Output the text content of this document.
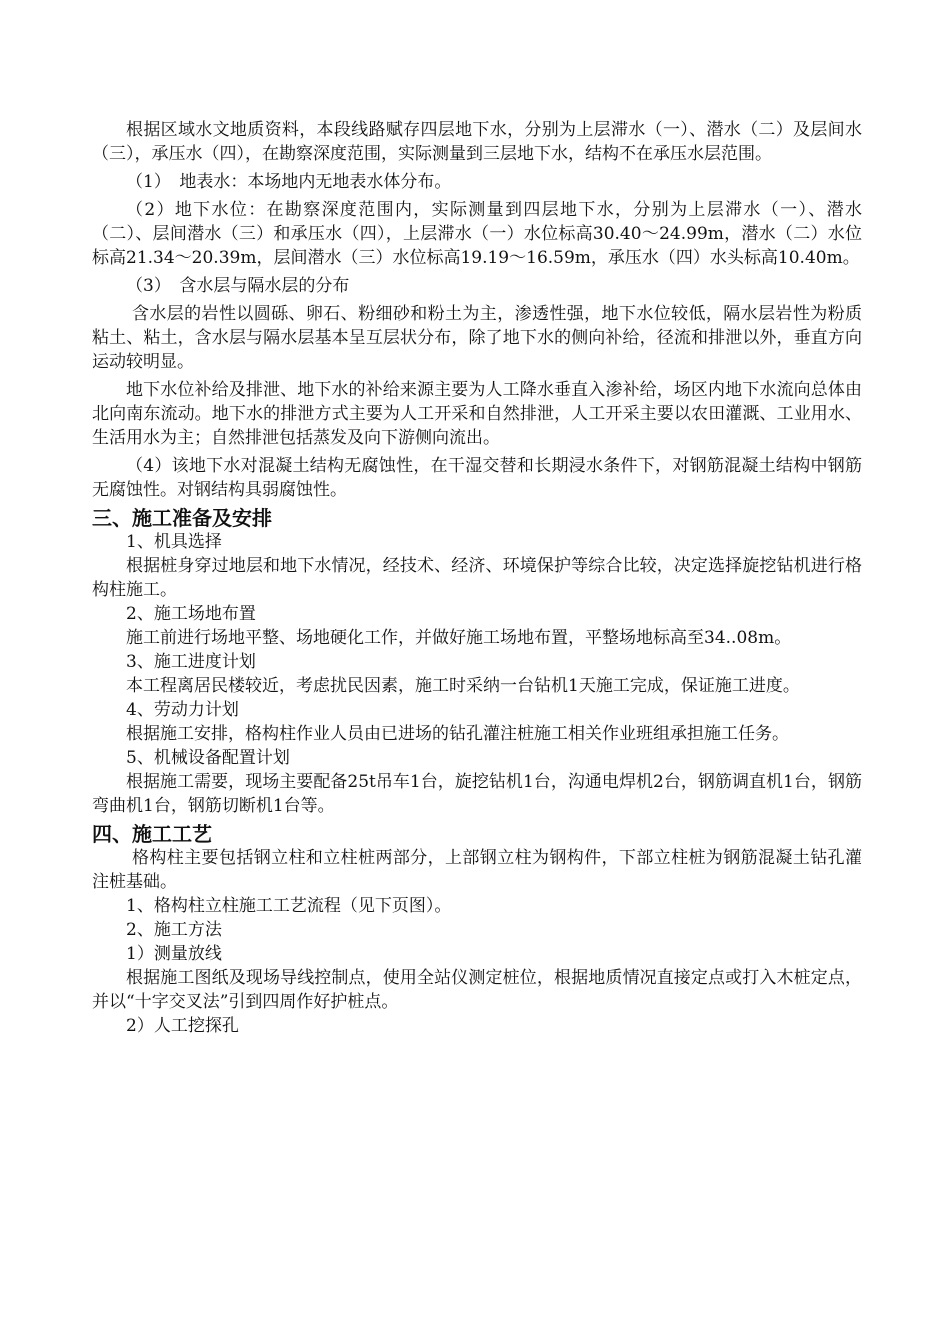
根据区域水文地质资料，本段线路赋存四层地下水，分别为上层滞水（一）、潜水（二）及层间水（三），承压水（四），在勘察深度范围，实际测量到三层地下水，结构不在承压水层范围。

（1）　地表水：本场地内无地表水体分布。

（2）地下水位：在勘察深度范围内，实际测量到四层地下水，分别为上层滞水（一）、潜水（二）、层间潜水（三）和承压水（四），上层滞水（一）水位标高30.40～24.99m，潜水（二）水位标高21.34～20.39m，层间潜水（三）水位标高19.19～16.59m，承压水（四）水头标高10.40m。

（3）　含水层与隔水层的分布

含水层的岩性以圆砾、卵石、粉细砂和粉土为主，渗透性强，地下水位较低，隔水层岩性为粉质粘土、粘土，含水层与隔水层基本呈互层状分布，除了地下水的侧向补给，径流和排泄以外，垂直方向运动较明显。

地下水位补给及排泄、地下水的补给来源主要为人工降水垂直入渗补给，场区内地下水流向总体由北向南东流动。地下水的排泄方式主要为人工开采和自然排泄，人工开采主要以农田灌溉、工业用水、生活用水为主；自然排泄包括蒸发及向下游侧向流出。

（4）该地下水对混凝土结构无腐蚀性，在干湿交替和长期浸水条件下，对钢筋混凝土结构中钢筋无腐蚀性。对钢结构具弱腐蚀性。

三、施工准备及安排

1、机具选择

根据桩身穿过地层和地下水情况，经技术、经济、环境保护等综合比较，决定选择旋挖钻机进行格构柱施工。

2、施工场地布置

施工前进行场地平整、场地硬化工作，并做好施工场地布置，平整场地标高至34..08m。

3、施工进度计划

本工程离居民楼较近，考虑扰民因素，施工时采纳一台钻机1天施工完成，保证施工进度。

4、劳动力计划

根据施工安排，格构柱作业人员由已进场的钻孔灌注桩施工相关作业班组承担施工任务。

5、机械设备配置计划

根据施工需要，现场主要配备25t吊车1台，旋挖钻机1台，沟通电焊机2台，钢筋调直机1台，钢筋弯曲机1台，钢筋切断机1台等。

四、施工工艺

格构柱主要包括钢立柱和立柱桩两部分，上部钢立柱为钢构件，下部立柱桩为钢筋混凝土钻孔灌注桩基础。

1、格构柱立柱施工工艺流程（见下页图）。

2、施工方法

1）测量放线

根据施工图纸及现场导线控制点，使用全站仪测定桩位，根据地质情况直接定点或打入木桩定点，并以“十字交叉法”引到四周作好护桩点。

2）人工挖探孔
